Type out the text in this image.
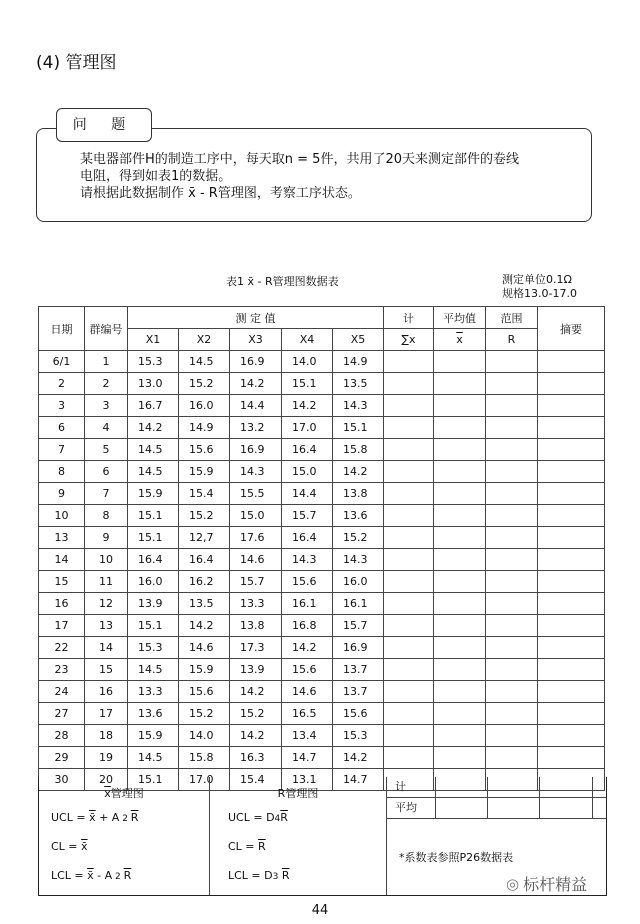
(4) 管理图
问 题

某电器部件H的制造工序中，每天取n = 5件，共用了20天来测定部件的卷线

电阻，得到如表1的数据。

请根据此数据制作 x̄ - R管理图，考察工序状态。

表1 x̄ - R管理图数据表	测定单位0.1Ω
规格13.0-17.0
日期	群编号	测 定 值					计	平均值	范围	摘要
		X1	X2	X3	X4	X5	∑x	$\overline{x}$	R	
6/1	1	15.3	14.5	16.9	14.0	14.9				
2	2	13.0	15.2	14.2	15.1	13.5				
3	3	16.7	16.0	14.4	14.2	14.3				
6	4	14.2	14.9	13.2	17.0	15.1				
7	5	14.5	15.6	16.9	16.4	15.8				
8	6	14.5	15.9	14.3	15.0	14.2				
9	7	15.9	15.4	15.5	14.4	13.8				
10	8	15.1	15.2	15.0	15.7	13.6				
13	9	15.1	12,7	17.6	16.4	15.2				
14	10	16.4	16.4	14.6	14.3	14.3				
15	11	16.0	16.2	15.7	15.6	16.0				
16	12	13.9	13.5	13.3	16.1	16.1				
17	13	15.1	14.2	13.8	16.8	15.7				
22	14	15.3	14.6	17.3	14.2	16.9				
23	15	14.5	15.9	13.9	15.6	13.7				
24	16	13.3	15.6	14.2	14.6	13.7				
27	17	13.6	15.2	15.2	16.5	15.6				
28	18	15.9	14.0	14.2	13.4	15.3				
29	19	14.5	15.8	16.3	14.7	14.2				
30	20	15.1	17.0	15.4	13.1	14.7				
$\overline{x}$管理图
UCL = x̄ + A 2 $\overline{R}$
CL = x̄
LCL = x̄ - A 2 $\overline{R}$
R管理图
UCL = $D4\overline{R}$
CL = $\overline{R}$
LCL = D3 $\overline{R}$
计
平均
*系数表参照P26数据表
◎ 标杆精益
44
